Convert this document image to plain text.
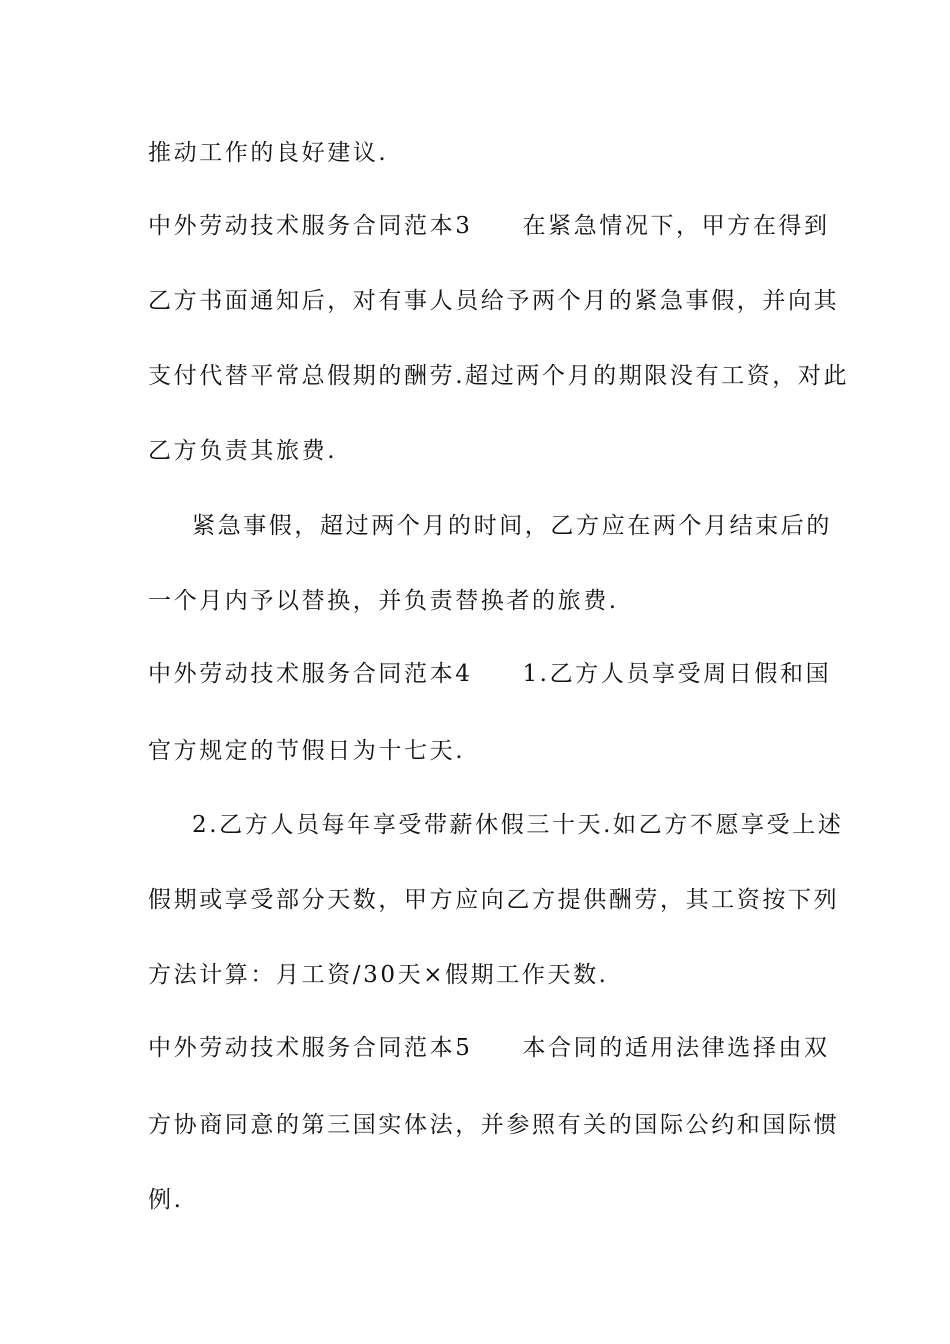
推动工作的良好建议.
中外劳动技术服务合同范本3 在紧急情况下，甲方在得到
乙方书面通知后，对有事人员给予两个月的紧急事假，并向其
支付代替平常总假期的酬劳.超过两个月的期限没有工资，对此
乙方负责其旅费.
紧急事假，超过两个月的时间，乙方应在两个月结束后的
一个月内予以替换，并负责替换者的旅费.
中外劳动技术服务合同范本4 1.乙方人员享受周日假和国
官方规定的节假日为十七天.
2.乙方人员每年享受带薪休假三十天.如乙方不愿享受上述
假期或享受部分天数，甲方应向乙方提供酬劳，其工资按下列
方法计算：月工资/30天×假期工作天数.
中外劳动技术服务合同范本5 本合同的适用法律选择由双
方协商同意的第三国实体法，并参照有关的国际公约和国际惯
例.
